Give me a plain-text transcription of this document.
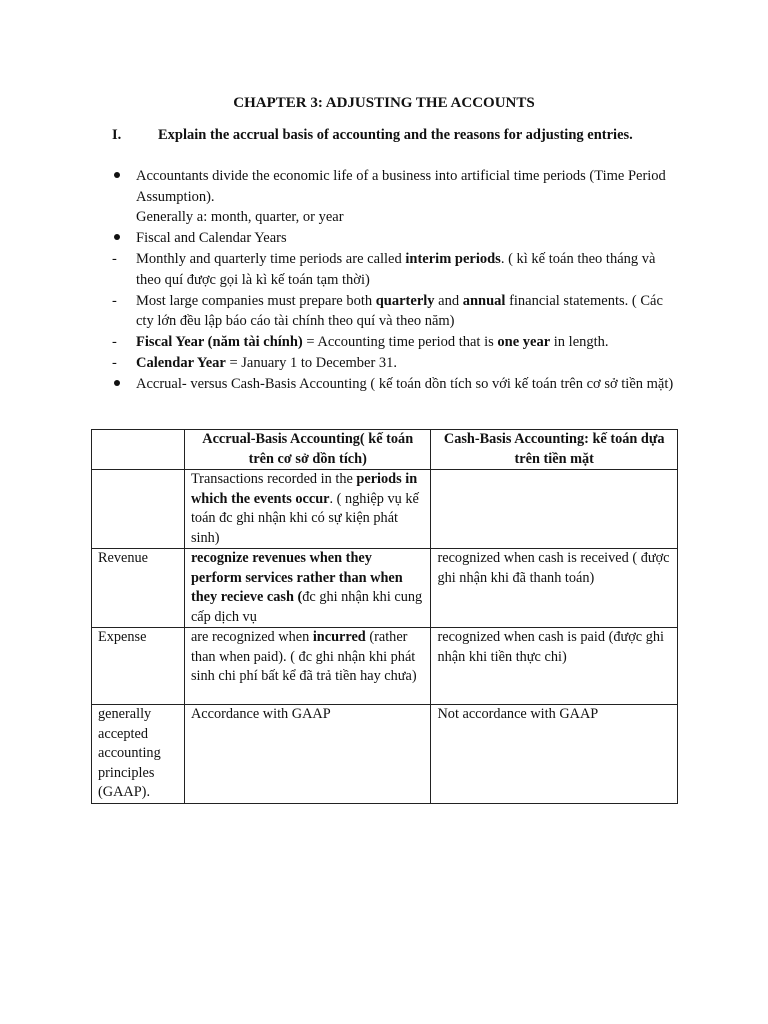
CHAPTER 3: ADJUSTING THE ACCOUNTS
I.	Explain the accrual basis of accounting and the reasons for adjusting entries.
Accountants divide the economic life of a business into artificial time periods (Time Period Assumption).
Generally a: month, quarter, or year
Fiscal and Calendar Years
-	Monthly and quarterly time periods are called interim periods. ( kì kế toán theo tháng và theo quí được gọi là kì kế toán tạm thời)
-	Most large companies must prepare both quarterly and annual financial statements. ( Các cty lớn đều lập báo cáo tài chính theo quí và theo năm)
-	Fiscal Year (năm tài chính) = Accounting time period that is one year in length.
-	Calendar Year = January 1 to December 31.
Accrual- versus Cash-Basis Accounting ( kế toán dồn tích so với kế toán trên cơ sở tiền mặt)
	Accrual-Basis Accounting( kế toán trên cơ sở dồn tích)	Cash-Basis Accounting: kế toán dựa trên tiền mặt
	Transactions recorded in the periods in which the events occur. ( nghiệp vụ kế toán đc ghi nhận khi có sự kiện phát sinh)	
Revenue	recognize revenues when they perform services rather than when they recieve cash (đc ghi nhận khi cung cấp dịch vụ	recognized when cash is received ( được ghi nhận khi đã thanh toán)
Expense	are recognized when incurred (rather than when paid). ( đc ghi nhận khi phát sinh chi phí bất kể đã trả tiền hay chưa)	recognized when cash is paid (được ghi nhận khi tiền thực chi)
generally accepted accounting principles (GAAP).	Accordance with GAAP	Not accordance with GAAP
